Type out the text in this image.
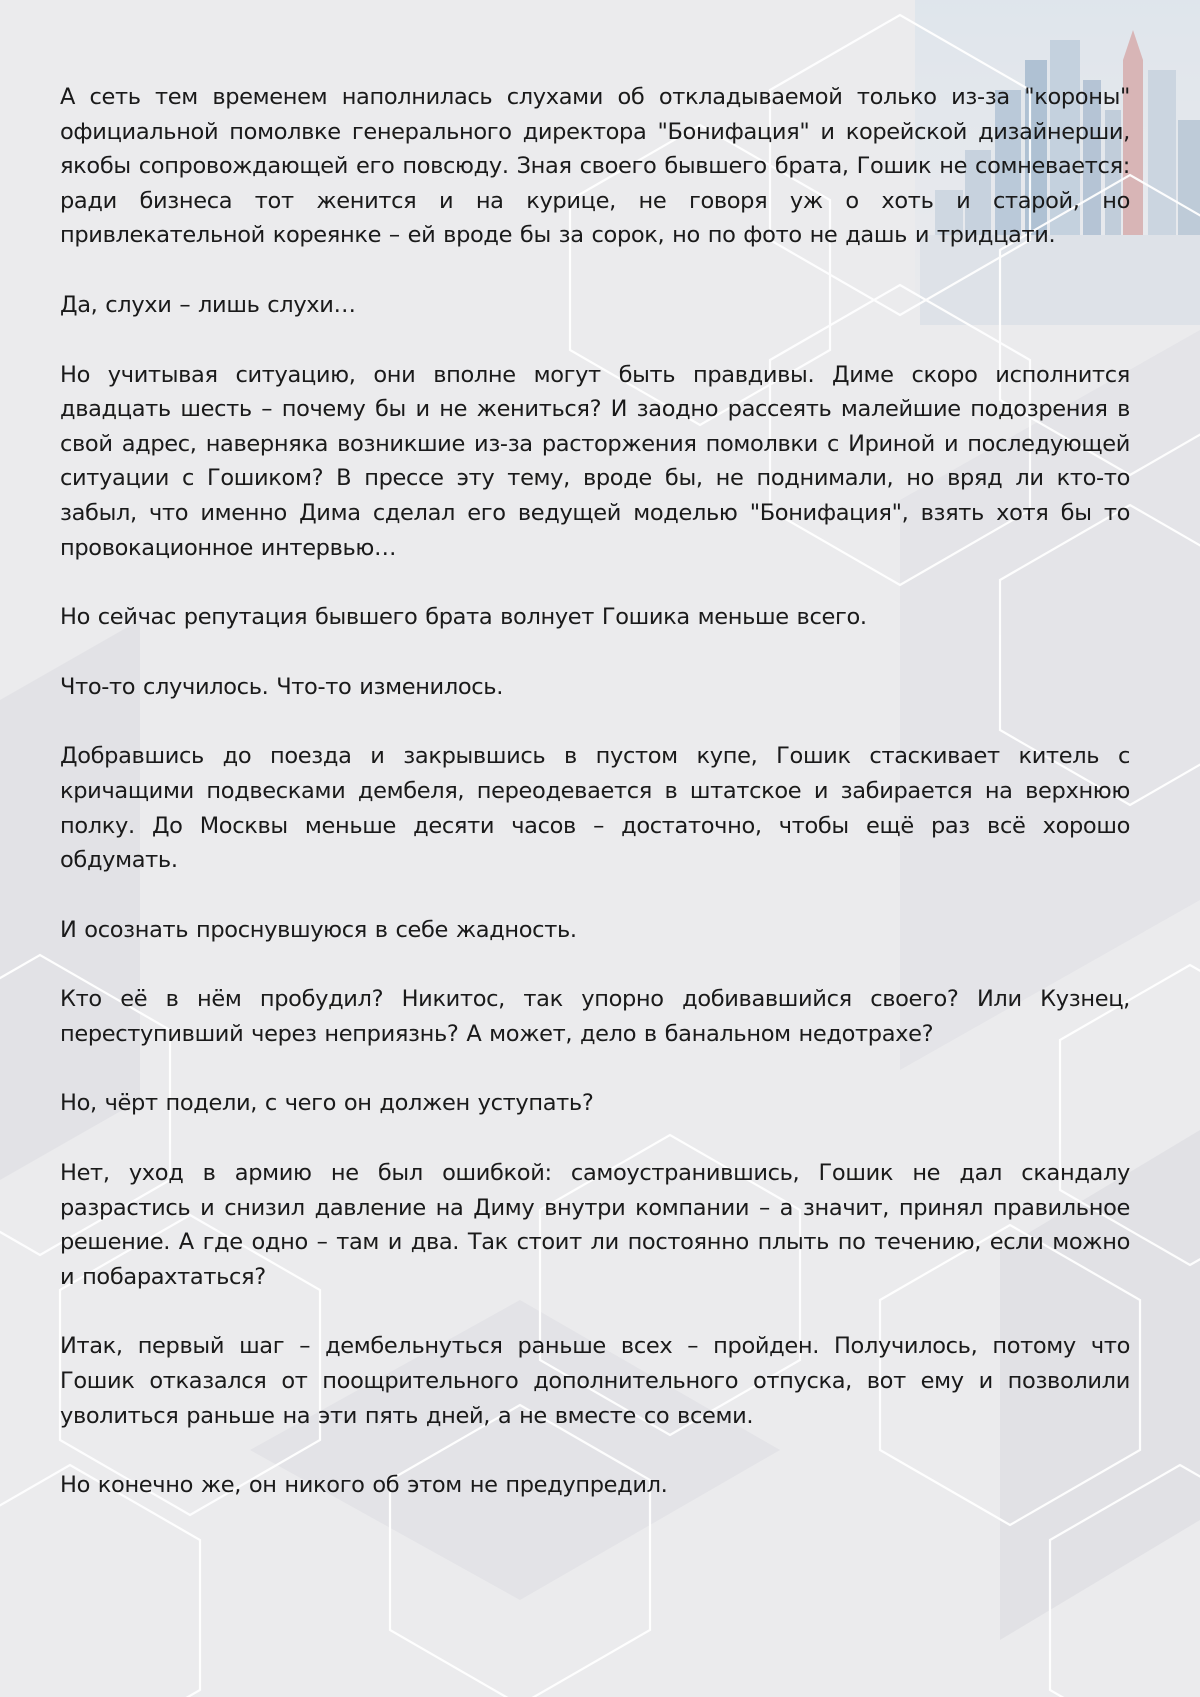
А сеть тем временем наполнилась слухами об откладываемой только из-за "короны" официальной помолвке генерального директора "Бонифация" и корейской дизайнерши, якобы сопровождающей его повсюду. Зная своего бывшего брата, Гошик не сомневается: ради бизнеса тот женится и на курице, не говоря уж о хоть и старой, но привлекательной кореянке – ей вроде бы за сорок, но по фото не дашь и тридцати.

Да, слухи – лишь слухи…

Но учитывая ситуацию, они вполне могут быть правдивы. Диме скоро исполнится двадцать шесть – почему бы и не жениться? И заодно рассеять малейшие подозрения в свой адрес, наверняка возникшие из-за расторжения помолвки с Ириной и последующей ситуации с Гошиком? В прессе эту тему, вроде бы, не поднимали, но вряд ли кто-то забыл, что именно Дима сделал его ведущей моделью "Бонифация", взять хотя бы то провокационное интервью…

Но сейчас репутация бывшего брата волнует Гошика меньше всего.

Что-то случилось. Что-то изменилось.

Добравшись до поезда и закрывшись в пустом купе, Гошик стаскивает китель с кричащими подвесками дембеля, переодевается в штатское и забирается на верхнюю полку. До Москвы меньше десяти часов – достаточно, чтобы ещё раз всё хорошо обдумать.

И осознать проснувшуюся в себе жадность.

Кто её в нём пробудил? Никитос, так упорно добивавшийся своего? Или Кузнец, переступивший через неприязнь? А может, дело в банальном недотрахе?

Но, чёрт подели, с чего он должен уступать?

Нет, уход в армию не был ошибкой: самоустранившись, Гошик не дал скандалу разрастись и снизил давление на Диму внутри компании – а значит, принял правильное решение. А где одно – там и два. Так стоит ли постоянно плыть по течению, если можно и побарахтаться?

Итак, первый шаг – дембельнуться раньше всех – пройден. Получилось, потому что Гошик отказался от поощрительного дополнительного отпуска, вот ему и позволили уволиться раньше на эти пять дней, а не вместе со всеми.

Но конечно же, он никого об этом не предупредил.
